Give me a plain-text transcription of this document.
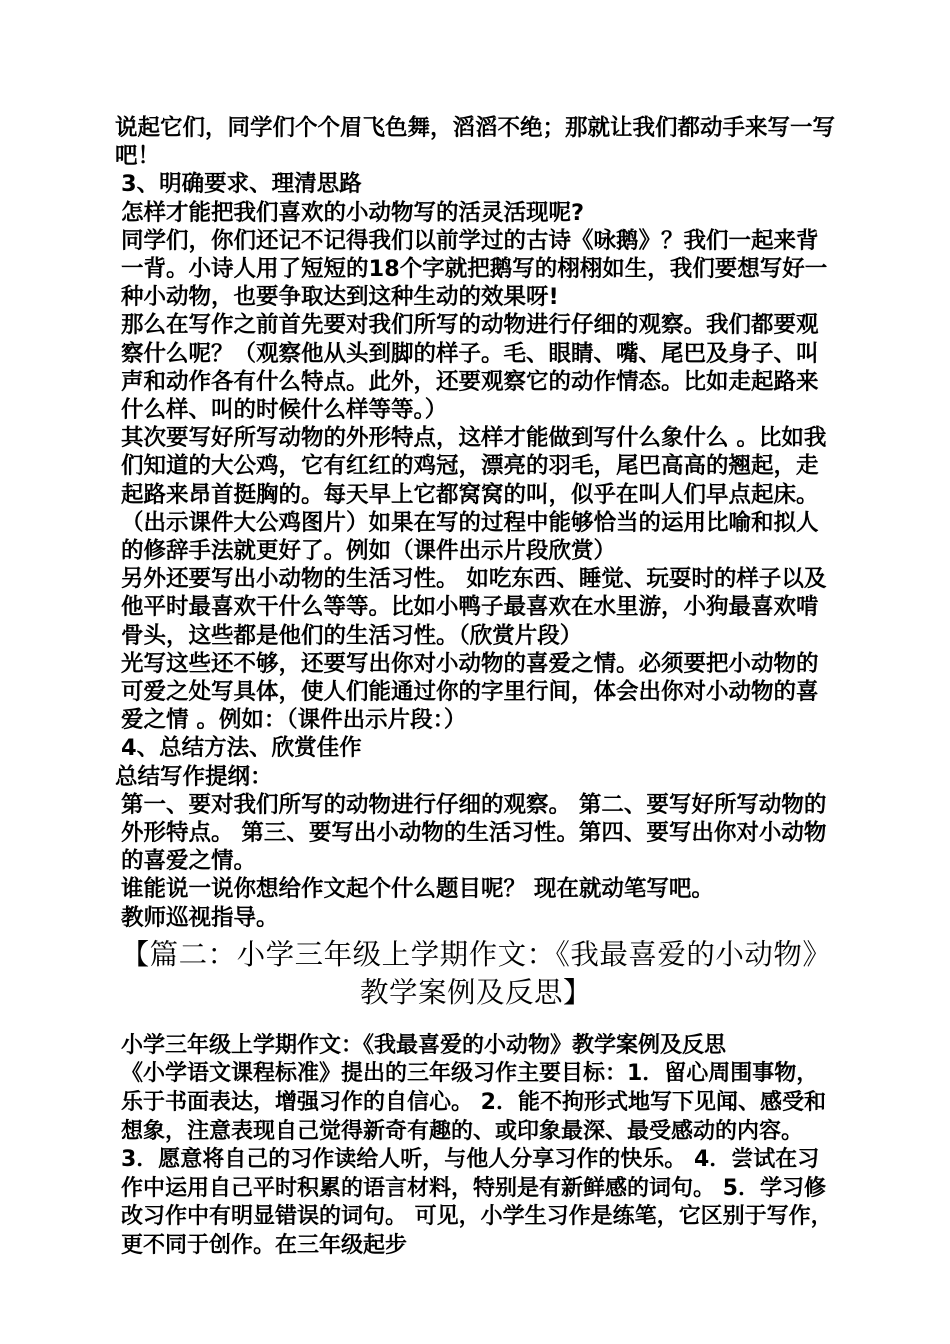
说起它们，同学们个个眉飞色舞，滔滔不绝；那就让我们都动手来写一写吧！

3、明确要求、理清思路

怎样才能把我们喜欢的小动物写的活灵活现呢?

同学们，你们还记不记得我们以前学过的古诗《咏鹅》？我们一起来背一背。小诗人用了短短的18个字就把鹅写的栩栩如生，我们要想写好一种小动物，也要争取达到这种生动的效果呀!

那么在写作之前首先要对我们所写的动物进行仔细的观察。我们都要观察什么呢？（观察他从头到脚的样子。毛、眼睛、嘴、尾巴及身子、叫声和动作各有什么特点。此外，还要观察它的动作情态。比如走起路来什么样、叫的时候什么样等等。）

其次要写好所写动物的外形特点，这样才能做到写什么象什么 。比如我们知道的大公鸡，它有红红的鸡冠，漂亮的羽毛，尾巴高高的翘起，走起路来昂首挺胸的。每天早上它都窝窝的叫，似乎在叫人们早点起床。（出示课件大公鸡图片）如果在写的过程中能够恰当的运用比喻和拟人的修辞手法就更好了。例如（课件出示片段欣赏）

另外还要写出小动物的生活习性。 如吃东西、睡觉、玩耍时的样子以及他平时最喜欢干什么等等。比如小鸭子最喜欢在水里游，小狗最喜欢啃骨头，这些都是他们的生活习性。（欣赏片段）

光写这些还不够，还要写出你对小动物的喜爱之情。必须要把小动物的可爱之处写具体，使人们能通过你的字里行间，体会出你对小动物的喜爱之情 。例如：（课件出示片段：）

4、总结方法、欣赏佳作

总结写作提纲：

第一、要对我们所写的动物进行仔细的观察。 第二、要写好所写动物的外形特点。 第三、要写出小动物的生活习性。第四、要写出你对小动物的喜爱之情。

谁能说一说你想给作文起个什么题目呢？ 现在就动笔写吧。

教师巡视指导。

【篇二：小学三年级上学期作文：《我最喜爱的小动物》教学案例及反思】

小学三年级上学期作文：《我最喜爱的小动物》教学案例及反思

《小学语文课程标准》提出的三年级习作主要目标：1．留心周围事物，乐于书面表达，增强习作的自信心。 2．能不拘形式地写下见闻、感受和想象，注意表现自己觉得新奇有趣的、或印象最深、最受感动的内容。 3．愿意将自己的习作读给人听，与他人分享习作的快乐。 4．尝试在习作中运用自己平时积累的语言材料，特别是有新鲜感的词句。 5．学习修改习作中有明显错误的词句。 可见，小学生习作是练笔，它区别于写作，更不同于创作。在三年级起步
